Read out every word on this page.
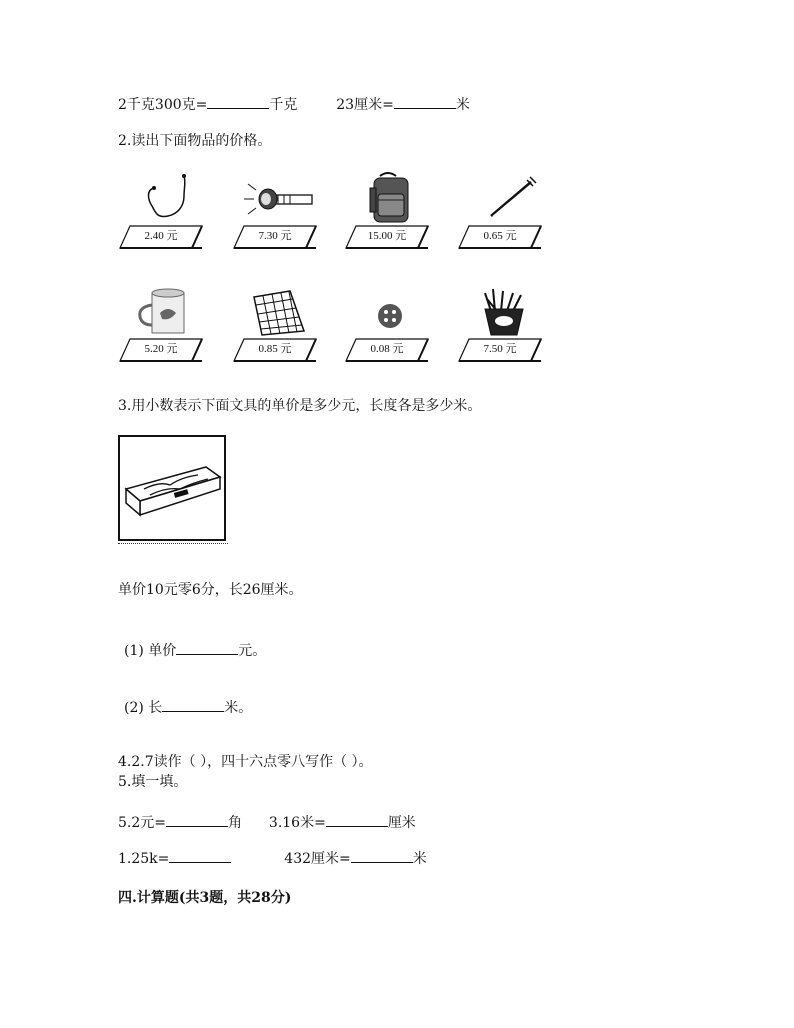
2千克300克=	千克	23厘米=	米
2.读出下面物品的价格。
2.40 元	7.30 元	15.00 元	0.65 元
5.20 元	0.85 元	0.08 元	7.50 元
3.用小数表示下面文具的单价是多少元，长度各是多少米。
单价10元零6分，长26厘米。
(1) 单价	元。
(2) 长	米。
4.2.7读作（ ），四十六点零八写作（ ）。
5.填一填。
5.2元=	角 3.16米=	厘米
1.25k=	432厘米=	米
四.计算题(共3题，共28分)
